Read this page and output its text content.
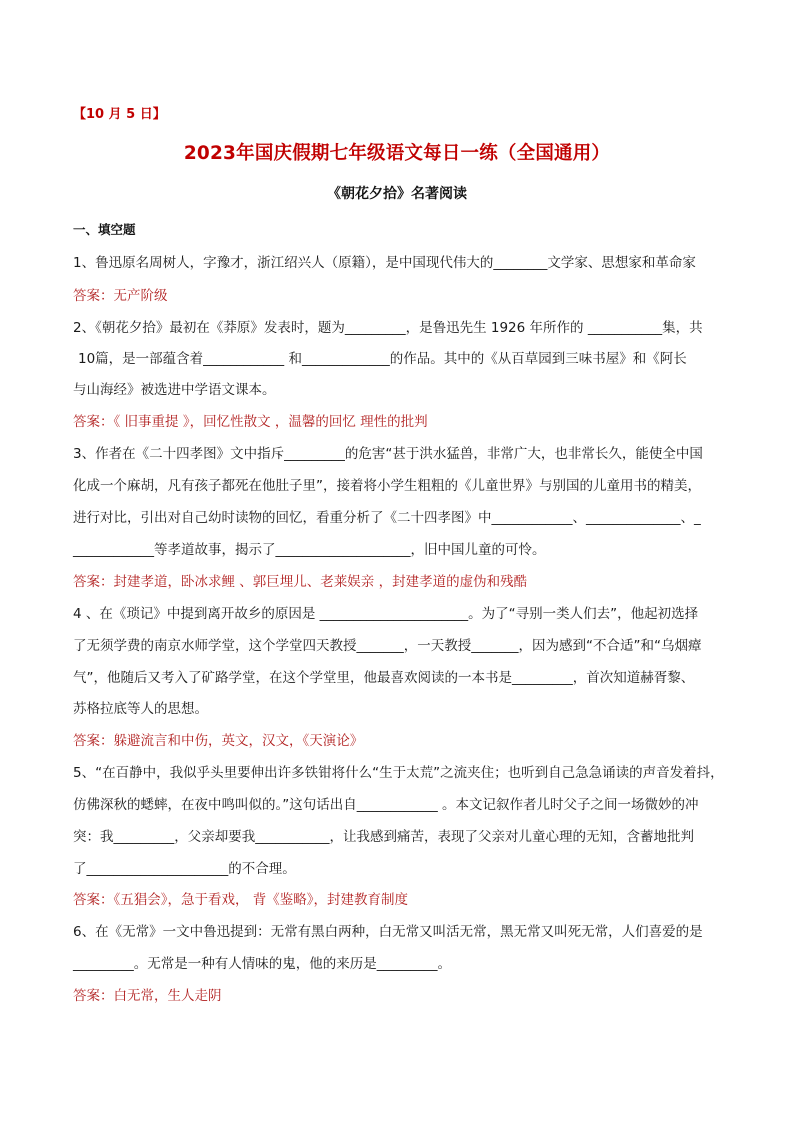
【10 月 5 日】
2023年国庆假期七年级语文每日一练（全国通用）
《朝花夕拾》名著阅读
一、填空题
1、鲁迅原名周树人，字豫才，浙江绍兴人（原籍），是中国现代伟大的________文学家、思想家和革命家
答案：无产阶级
2、《朝花夕拾》最初在《莽原》发表时，题为_________，是鲁迅先生 1926 年所作的 ___________集，共
10篇，是一部蕴含着____________ 和_____________的作品。其中的《从百草园到三味书屋》和《阿长
与山海经》被选进中学语文课本。
答案：《 旧事重提 》，回忆性散文 ，温馨的回忆 理性的批判
3、作者在《二十四孝图》文中指斥_________的危害“甚于洪水猛兽，非常广大，也非常长久，能使全中国
化成一个麻胡，凡有孩子都死在他肚子里”，接着将小学生粗粗的《儿童世界》与别国的儿童用书的精美，
进行对比，引出对自己幼时读物的回忆，看重分析了《二十四孝图》中____________、______________、_
____________等孝道故事，揭示了____________________，旧中国儿童的可怜。
答案：封建孝道，卧冰求鲤 、郭巨埋儿、老莱娱亲 ，封建孝道的虚伪和残酷
4 、在《琐记》中提到离开故乡的原因是 ______________________。为了“寻别一类人们去”，他起初选择
了无须学费的南京水师学堂，这个学堂四天教授_______，一天教授_______，因为感到“不合适”和“乌烟瘴
气”，他随后又考入了矿路学堂，在这个学堂里，他最喜欢阅读的一本书是_________，首次知道赫胥黎、
苏格拉底等人的思想。
答案：躲避流言和中伤，英文，汉文，《天演论》
5、“在百静中，我似乎头里要伸出许多铁钳将什么“生于太荒”之流夹住；也听到自己急急诵读的声音发着抖，
仿佛深秋的蟋蟀，在夜中鸣叫似的。”这句话出自____________ 。本文记叙作者儿时父子之间一场微妙的冲
突：我_________，父亲却要我___________，让我感到痛苦，表现了父亲对儿童心理的无知，含蓄地批判
了_____________________的不合理。
答案：《五猖会》，急于看戏， 背《鉴略》，封建教育制度
6、在《无常》一文中鲁迅提到：无常有黑白两种，白无常又叫活无常，黑无常又叫死无常，人们喜爱的是
_________。无常是一种有人情味的鬼，他的来历是_________。
答案：白无常，生人走阴
